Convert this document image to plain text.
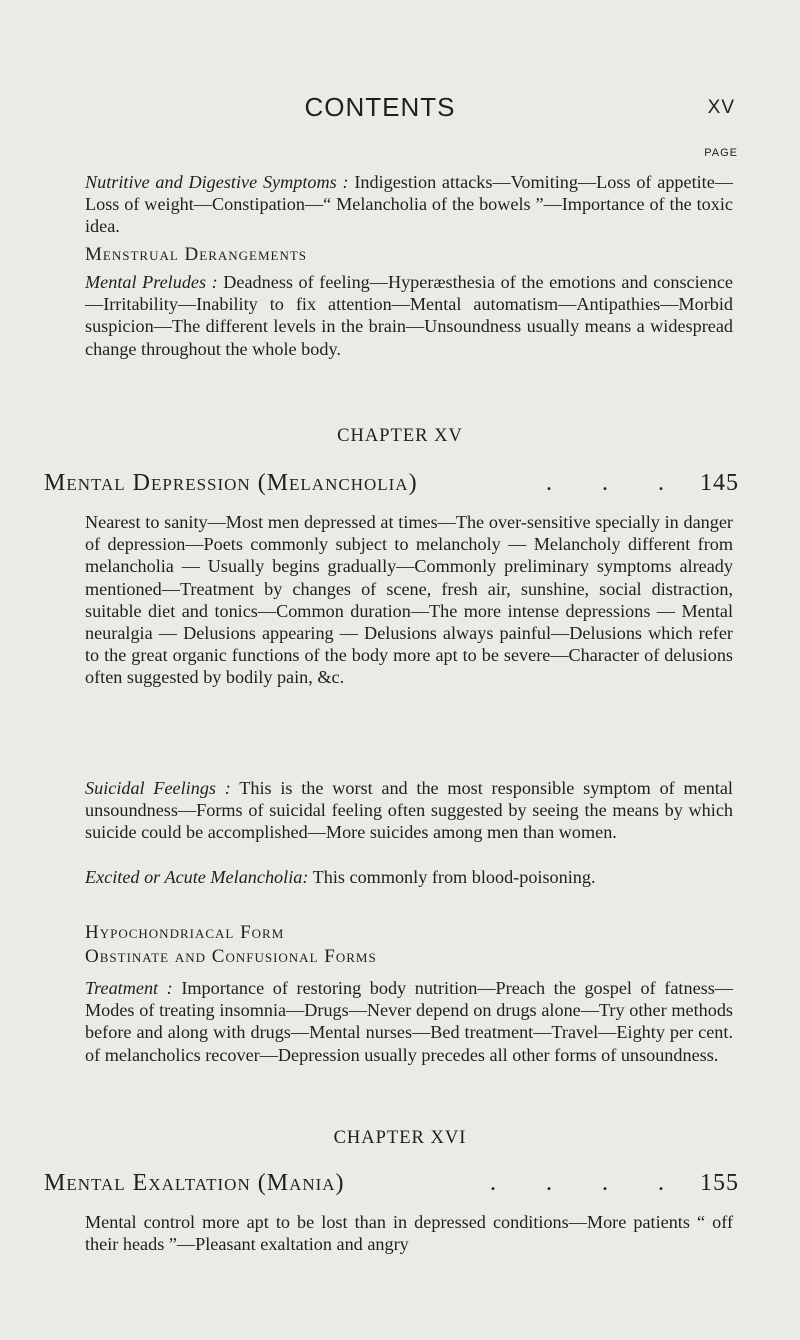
CONTENTS	XV
PAGE
Nutritive and Digestive Symptoms : Indigestion attacks—Vomiting—Loss of appetite—Loss of weight—Constipation—“ Melancholia of the bowels ”—Importance of the toxic idea.
Menstrual Derangements
Mental Preludes : Deadness of feeling—Hyperæsthesia of the emotions and conscience—Irritability—Inability to fix attention—Mental automatism—Antipathies—Morbid suspicion—The different levels in the brain—Unsoundness usually means a widespread change throughout the whole body.
CHAPTER XV
Mental Depression (Melancholia)	. . . 145
Nearest to sanity—Most men depressed at times—The over-sensitive specially in danger of depression—Poets commonly subject to melancholy — Melancholy different from melancholia — Usually begins gradually—Commonly preliminary symptoms already mentioned—Treatment by changes of scene, fresh air, sunshine, social distraction, suitable diet and tonics—Common duration—The more intense depressions — Mental neuralgia — Delusions appearing — Delusions always painful—Delusions which refer to the great organic functions of the body more apt to be severe—Character of delusions often suggested by bodily pain, &c.
Suicidal Feelings : This is the worst and the most responsible symptom of mental unsoundness—Forms of suicidal feeling often suggested by seeing the means by which suicide could be accomplished—More suicides among men than women.
Excited or Acute Melancholia: This commonly from blood-poisoning.
Hypochondriacal Form
Obstinate and Confusional Forms
Treatment : Importance of restoring body nutrition—Preach the gospel of fatness—Modes of treating insomnia—Drugs—Never depend on drugs alone—Try other methods before and along with drugs—Mental nurses—Bed treatment—Travel—Eighty per cent. of melancholics recover—Depression usually precedes all other forms of unsoundness.
CHAPTER XVI
Mental Exaltation (Mania)	. . . . 155
Mental control more apt to be lost than in depressed conditions—More patients “ off their heads ”—Pleasant exaltation and angry
